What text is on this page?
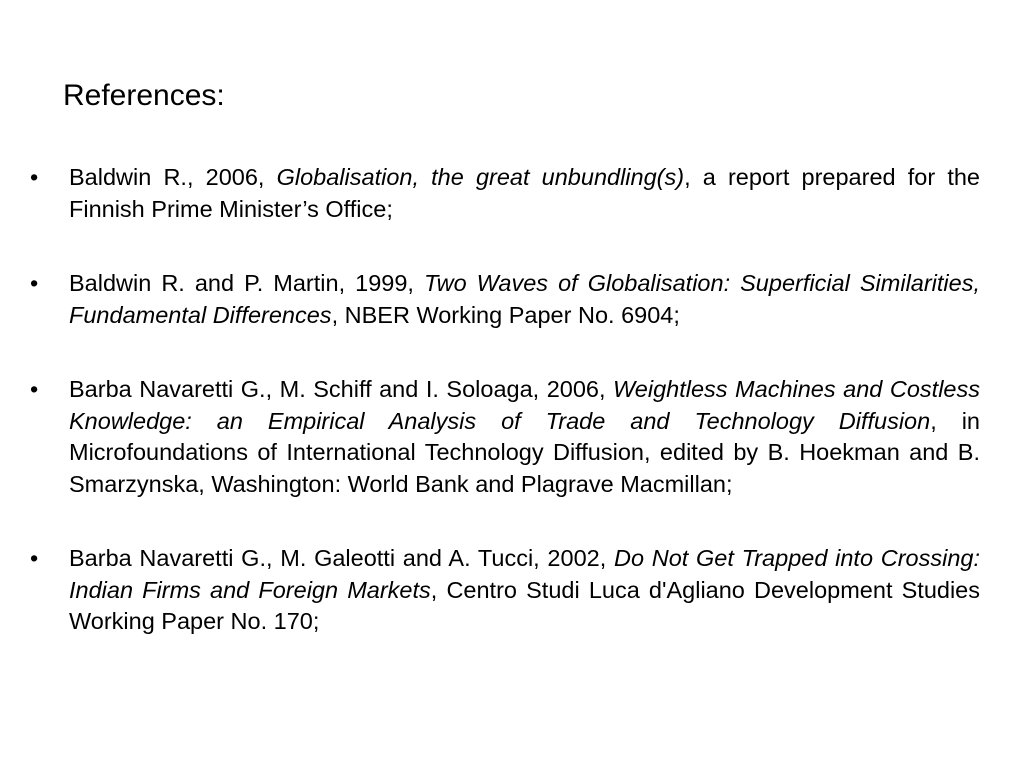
References:
•	Baldwin R., 2006, Globalisation, the great unbundling(s), a report prepared for the Finnish Prime Minister’s Office;
•	Baldwin R. and P. Martin, 1999, Two Waves of Globalisation: Superficial Similarities, Fundamental Differences, NBER Working Paper No. 6904;
•	Barba Navaretti G., M. Schiff and I. Soloaga, 2006, Weightless Machines and Costless Knowledge: an Empirical Analysis of Trade and Technology Diffusion, in Microfoundations of International Technology Diffusion, edited by B. Hoekman and B. Smarzynska, Washington: World Bank and Plagrave Macmillan;
•	Barba Navaretti G., M. Galeotti and A. Tucci, 2002, Do Not Get Trapped into Crossing: Indian Firms and Foreign Markets, Centro Studi Luca d'Agliano Development Studies Working Paper No. 170;
